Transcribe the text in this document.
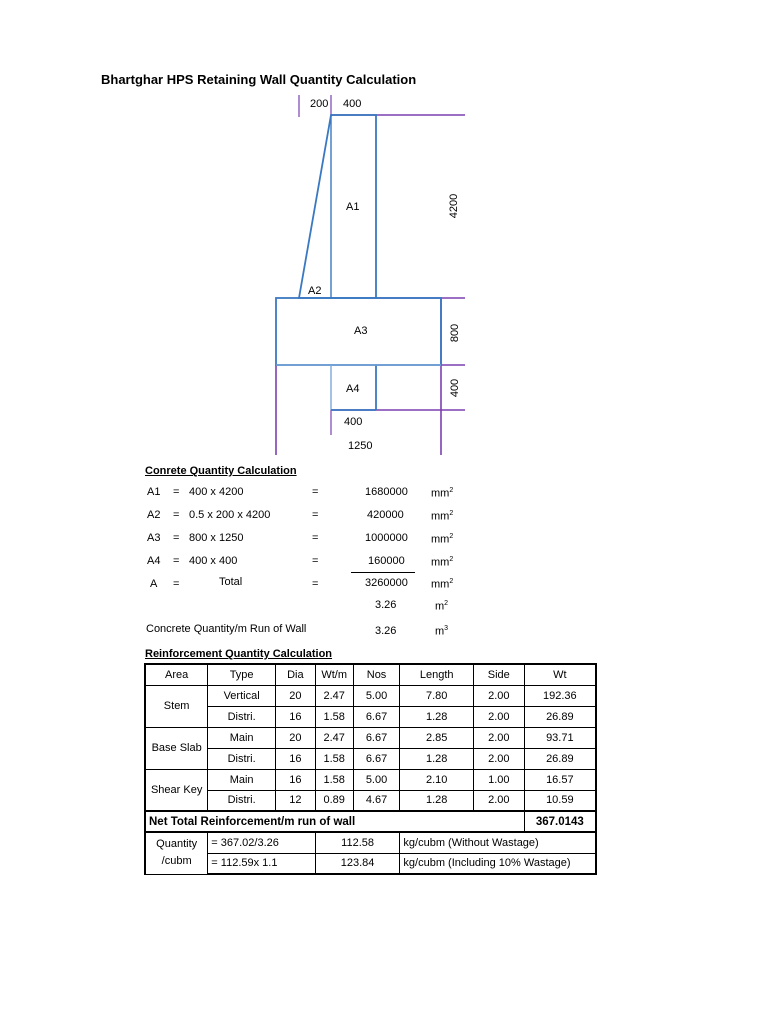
Bhartghar HPS Retaining Wall Quantity Calculation
200 400
A1
A2
A3
A4
4200
800
400
400
1250
Conrete Quantity Calculation
A1 = 400 x 4200	=	1680000 $mm^2$
A2 = 0.5 x 200 x 4200	=	420000 $mm^2$
A3 = 800 x 1250	=	1000000 $mm^2$
A4 = 400 x 400	=	160000 $mm^2$
A =	Total	=	3260000 $mm^2$
3.26	$m^2$
Concrete Quantity/m Run of Wall	3.26	$m^3$
Reinforcement Quantity Calculation
Area	Type	Dia	Wt/m	Nos	Length	Side	Wt
Stem	Vertical	20	2.47	5.00	7.80	2.00	192.36
	Distri.	16	1.58	6.67	1.28	2.00	26.89
Base Slab	Main	20	2.47	6.67	2.85	2.00	93.71
	Distri.	16	1.58	6.67	1.28	2.00	26.89
Shear Key	Main	16	1.58	5.00	2.10	1.00	16.57
	Distri.	12	0.89	4.67	1.28	2.00	10.59
Net Total Reinforcement/m run of wall							367.0143
Quantity
/cubm	= 367.02/3.26		112.58		kg/cubm (Without Wastage)		
	= 112.59x 1.1		123.84		kg/cubm (Including 10% Wastage)		
